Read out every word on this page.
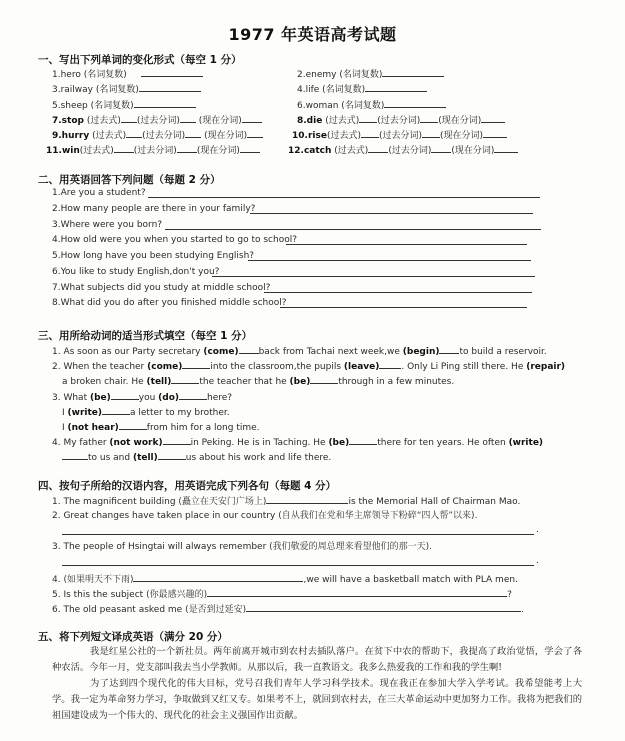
1977 年英语高考试题
一、写出下列单词的变化形式（每空 1 分）
1.hero (名词复数)	2.enemy (名词复数)
3.railway (名词复数)	4.life (名词复数)
5.sheep (名词复数)	6.woman (名词复数)
7.stop (过去式) (过去分词) (现在分词)	8.die (过去式) (过去分词) (现在分词)
9.hurry (过去式) (过去分词) (现在分词)	10.rise(过去式) (过去分词) (现在分词)
11.win(过去式) (过去分词) (现在分词)	12.catch (过去式) (过去分词) (现在分词)
二、用英语回答下列问题（每题 2 分）
1.Are you a student?
2.How many people are there in your family?
3.Where were you born?
4.How old were you when you started to go to school?
5.How long have you been studying English?
6.You like to study English,don't you?
7.What subjects did you study at middle school?
8.What did you do after you finished middle school?
三、用所给动词的适当形式填空（每空 1 分）
1. As soon as our Party secretary (come) back from Tachai next week,we (begin) to build a reservoir.
2. When the teacher (come)	into the classroom,the pupils (leave) . Only Li Ping still there. He (repair)
a broken chair. He (tell)	the teacher that he (be)	through in a few minutes.
3. What (be)	you (do)	here?
I (write)	a letter to my brother.
I (not hear)	from him for a long time.
4. My father (not work)	in Peking. He is in Taching. He (be)	there for ten years. He often (write)
to us and (tell)	us about his work and life there.
四、按句子所给的汉语内容，用英语完成下列各句（每题 4 分）
1. The magnificent building (矗立在天安门广场上)	is the Memorial Hall of Chairman Mao.
2. Great changes have taken place in our country (自从我们在党和华主席领导下粉碎“四人帮”以来).
.
3. The people of Hsingtai will always remember (我们敬爱的周总理来看望他们的那一天).
.
4. (如果明天不下雨)	,we will have a basketball match with PLA men.
5. Is this the subject (你最感兴趣的)	?
6. The old peasant asked me (是否到过延安)	.
五、将下列短文译成英语（满分 20 分）

我是红星公社的一个新社员。两年前离开城市到农村去插队落户。在贫下中农的帮助下，我提高了政治觉悟，学会了各种农活。今年一月，党支部叫我去当小学教师。从那以后，我一直教语文。我多么热爱我的工作和我的学生啊!

为了达到四个现代化的伟大目标，党号召我们青年人学习科学技术。现在我正在参加大学入学考试。我希望能考上大学。我一定为革命努力学习，争取做到又红又专。如果考不上，就回到农村去，在三大革命运动中更加努力工作。我将为把我们的祖国建设成为一个伟大的、现代化的社会主义强国作出贡献。
